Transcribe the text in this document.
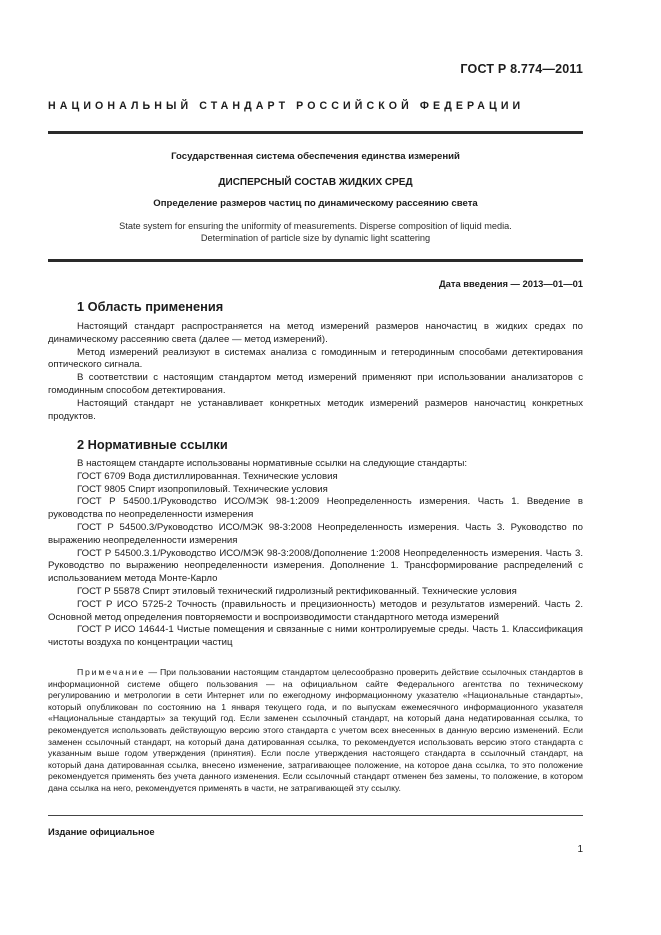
ГОСТ Р 8.774—2011
НАЦИОНАЛЬНЫЙ СТАНДАРТ РОССИЙСКОЙ ФЕДЕРАЦИИ
Государственная система обеспечения единства измерений
ДИСПЕРСНЫЙ СОСТАВ ЖИДКИХ СРЕД
Определение размеров частиц по динамическому рассеянию света
State system for ensuring the uniformity of measurements. Disperse composition of liquid media.
Determination of particle size by dynamic light scattering
Дата введения — 2013—01—01
1 Область применения

Настоящий стандарт распространяется на метод измерений размеров наночастиц в жидких средах по динамическому рассеянию света (далее — метод измерений).

Метод измерений реализуют в системах анализа с гомодинным и гетеродинным способами детектирования оптического сигнала.

В соответствии с настоящим стандартом метод измерений применяют при использовании анализаторов с гомодинным способом детектирования.

Настоящий стандарт не устанавливает конкретных методик измерений размеров наночастиц конкретных продуктов.

2 Нормативные ссылки

В настоящем стандарте использованы нормативные ссылки на следующие стандарты:

ГОСТ 6709 Вода дистиллированная. Технические условия

ГОСТ 9805 Спирт изопропиловый. Технические условия

ГОСТ Р 54500.1/Руководство ИСО/МЭК 98-1:2009 Неопределенность измерения. Часть 1. Введение в руководства по неопределенности измерения

ГОСТ Р 54500.3/Руководство ИСО/МЭК 98-3:2008 Неопределенность измерения. Часть 3. Руководство по выражению неопределенности измерения

ГОСТ Р 54500.3.1/Руководство ИСО/МЭК 98-3:2008/Дополнение 1:2008 Неопределенность измерения. Часть 3. Руководство по выражению неопределенности измерения. Дополнение 1. Трансформирование распределений с использованием метода Монте-Карло

ГОСТ Р 55878 Спирт этиловый технический гидролизный ректификованный. Технические условия

ГОСТ Р ИСО 5725-2 Точность (правильность и прецизионность) методов и результатов измерений. Часть 2. Основной метод определения повторяемости и воспроизводимости стандартного метода измерений

ГОСТ Р ИСО 14644-1 Чистые помещения и связанные с ними контролируемые среды. Часть 1. Классификация чистоты воздуха по концентрации частиц

Примечание — При пользовании настоящим стандартом целесообразно проверить действие ссылочных стандартов в информационной системе общего пользования — на официальном сайте Федерального агентства по техническому регулированию и метрологии в сети Интернет или по ежегодному информационному указателю «Национальные стандарты», который опубликован по состоянию на 1 января текущего года, и по выпускам ежемесячного информационного указателя «Национальные стандарты» за текущий год. Если заменен ссылочный стандарт, на который дана недатированная ссылка, то рекомендуется использовать действующую версию этого стандарта с учетом всех внесенных в данную версию изменений. Если заменен ссылочный стандарт, на который дана датированная ссылка, то рекомендуется использовать версию этого стандарта с указанным выше годом утверждения (принятия). Если после утверждения настоящего стандарта в ссылочный стандарт, на который дана датированная ссылка, внесено изменение, затрагивающее положение, на которое дана ссылка, то это положение рекомендуется применять без учета данного изменения. Если ссылочный стандарт отменен без замены, то положение, в котором дана ссылка на него, рекомендуется применять в части, не затрагивающей эту ссылку.

Издание официальное
1
